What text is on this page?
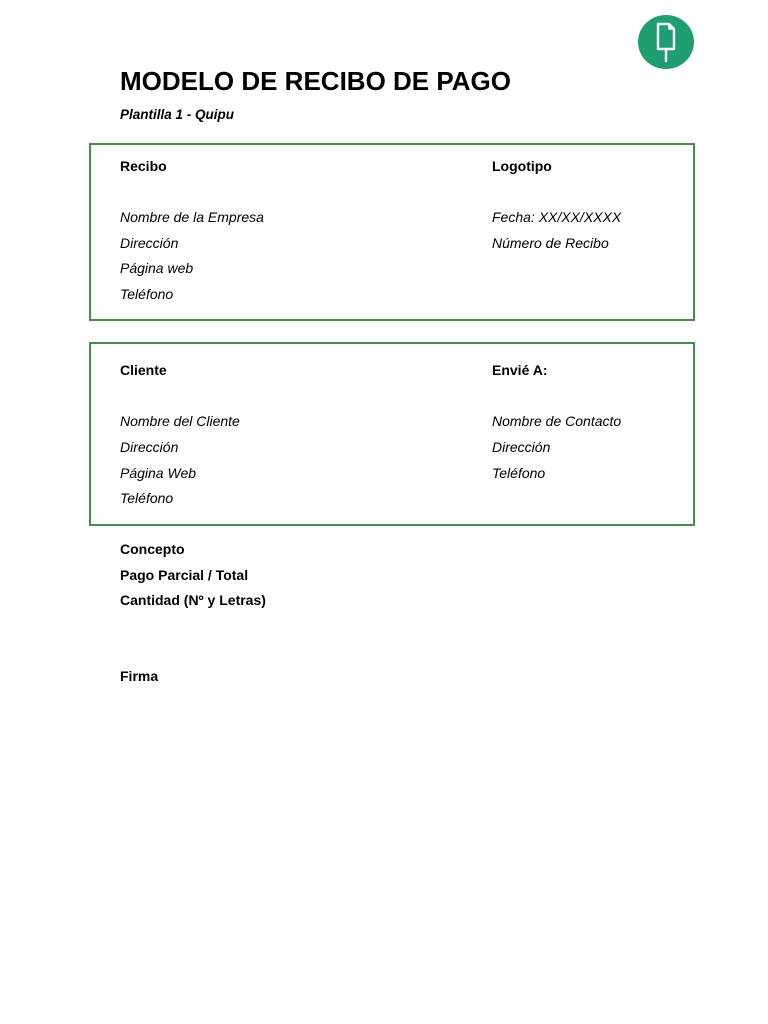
MODELO DE RECIBO DE PAGO

Plantilla 1 - Quipu

Recibo	Logotipo
Nombre de la Empresa
Dirección
Página web
Teléfono
Fecha: XX/XX/XXXX
Número de Recibo
Cliente	Envié A:
Nombre del Cliente
Dirección
Página Web
Teléfono
Nombre de Contacto
Dirección
Teléfono
Concepto
Pago Parcial / Total
Cantidad (Nº y Letras)
Firma
